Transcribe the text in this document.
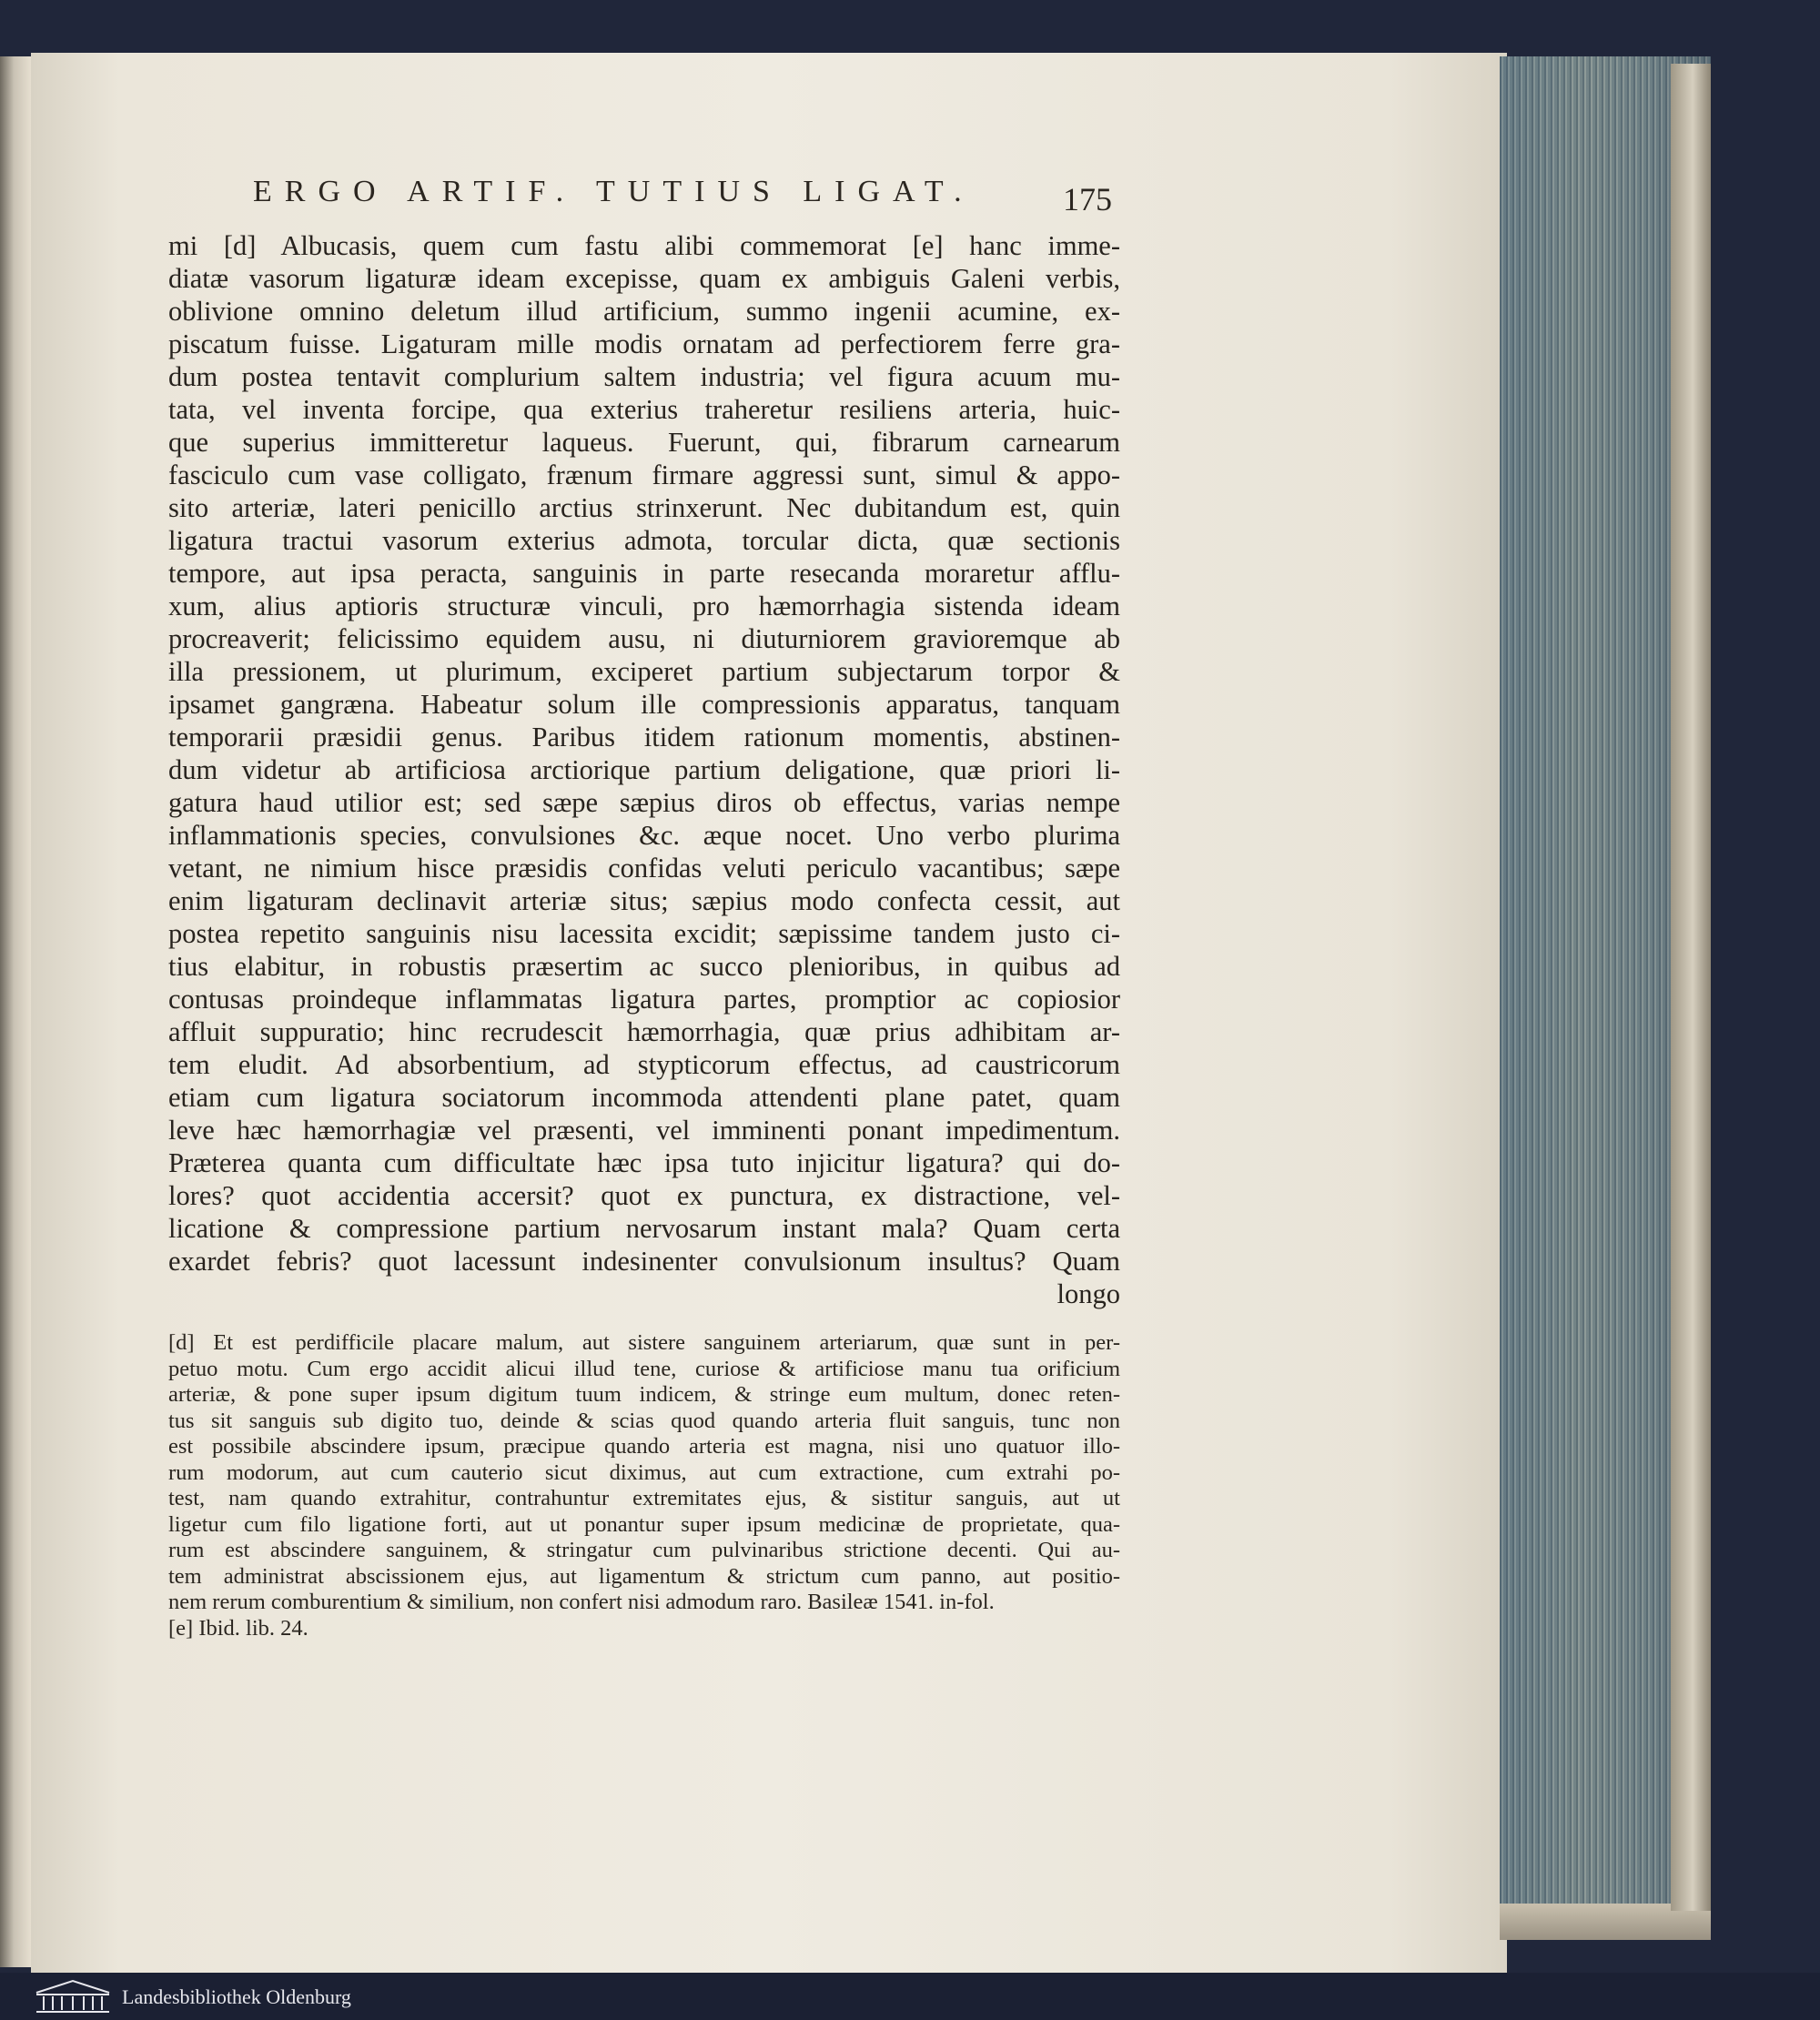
ERGO ARTIF. TUTIUS LIGAT.	175
mi [d] Albucasis, quem cum fastu alibi commemorat [e] hanc imme-
diatæ vasorum ligaturæ ideam excepisse, quam ex ambiguis Galeni verbis,
oblivione omnino deletum illud artificium, summo ingenii acumine, ex-
piscatum fuisse. Ligaturam mille modis ornatam ad perfectiorem ferre gra-
dum postea tentavit complurium saltem industria; vel figura acuum mu-
tata, vel inventa forcipe, qua exterius traheretur resiliens arteria, huic-
que superius immitteretur laqueus. Fuerunt, qui, fibrarum carnearum
fasciculo cum vase colligato, frænum firmare aggressi sunt, simul & appo-
sito arteriæ, lateri penicillo arctius strinxerunt. Nec dubitandum est, quin
ligatura tractui vasorum exterius admota, torcular dicta, quæ sectionis
tempore, aut ipsa peracta, sanguinis in parte resecanda moraretur afflu-
xum, alius aptioris structuræ vinculi, pro hæmorrhagia sistenda ideam
procreaverit; felicissimo equidem ausu, ni diuturniorem gravioremque ab
illa pressionem, ut plurimum, exciperet partium subjectarum torpor &
ipsamet gangræna. Habeatur solum ille compressionis apparatus, tanquam
temporarii præsidii genus. Paribus itidem rationum momentis, abstinen-
dum videtur ab artificiosa arctiorique partium deligatione, quæ priori li-
gatura haud utilior est; sed sæpe sæpius diros ob effectus, varias nempe
inflammationis species, convulsiones &c. æque nocet. Uno verbo plurima
vetant, ne nimium hisce præsidis confidas veluti periculo vacantibus; sæpe
enim ligaturam declinavit arteriæ situs; sæpius modo confecta cessit, aut
postea repetito sanguinis nisu lacessita excidit; sæpissime tandem justo ci-
tius elabitur, in robustis præsertim ac succo plenioribus, in quibus ad
contusas proindeque inflammatas ligatura partes, promptior ac copiosior
affluit suppuratio; hinc recrudescit hæmorrhagia, quæ prius adhibitam ar-
tem eludit. Ad absorbentium, ad stypticorum effectus, ad caustricorum
etiam cum ligatura sociatorum incommoda attendenti plane patet, quam
leve hæc hæmorrhagiæ vel præsenti, vel imminenti ponant impedimentum.
Præterea quanta cum difficultate hæc ipsa tuto injicitur ligatura? qui do-
lores? quot accidentia accersit? quot ex punctura, ex distractione, vel-
licatione & compressione partium nervosarum instant mala? Quam certa
exardet febris? quot lacessunt indesinenter convulsionum insultus? Quam
longo
[d] Et est perdifficile placare malum, aut sistere sanguinem arteriarum, quæ sunt in per-
petuo motu. Cum ergo accidit alicui illud tene, curiose & artificiose manu tua orificium
arteriæ, & pone super ipsum digitum tuum indicem, & stringe eum multum, donec reten-
tus sit sanguis sub digito tuo, deinde & scias quod quando arteria fluit sanguis, tunc non
est possibile abscindere ipsum, præcipue quando arteria est magna, nisi uno quatuor illo-
rum modorum, aut cum cauterio sicut diximus, aut cum extractione, cum extrahi po-
test, nam quando extrahitur, contrahuntur extremitates ejus, & sistitur sanguis, aut ut
ligetur cum filo ligatione forti, aut ut ponantur super ipsum medicinæ de proprietate, qua-
rum est abscindere sanguinem, & stringatur cum pulvinaribus strictione decenti. Qui au-
tem administrat abscissionem ejus, aut ligamentum & strictum cum panno, aut positio-
nem rerum comburentium & similium, non confert nisi admodum raro. Basileæ 1541. in-fol.
[e] Ibid. lib. 24.
Landesbibliothek Oldenburg
